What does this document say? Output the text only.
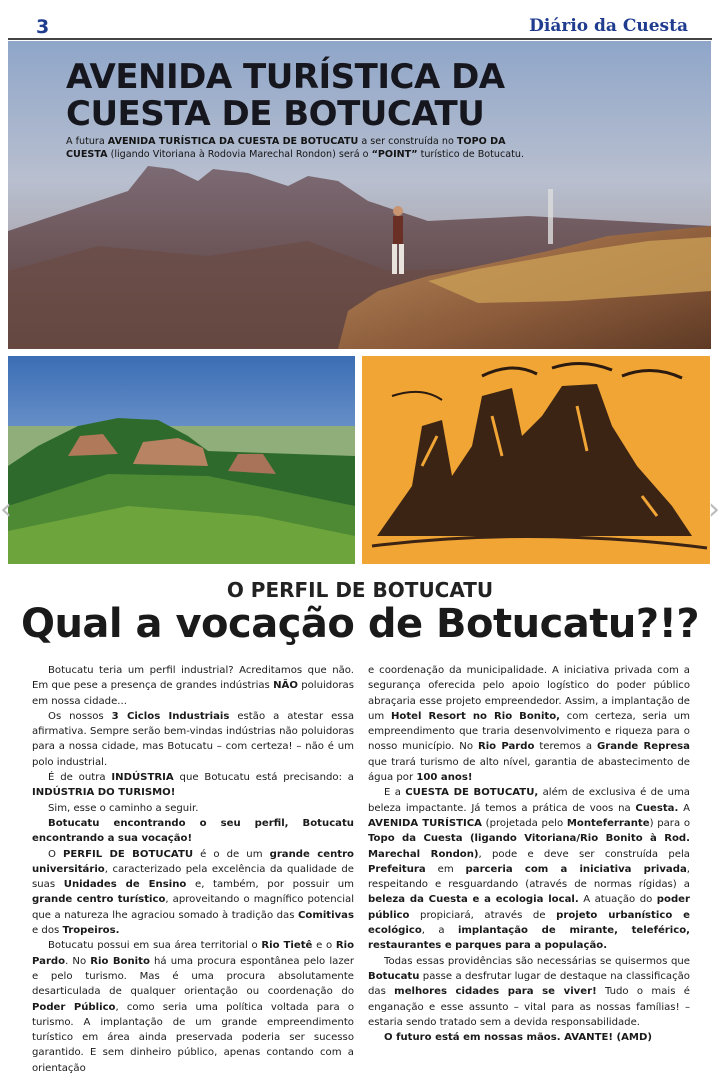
3	Diário da Cuesta
AVENIDA TURÍSTICA DA
CUESTA DE BOTUCATU
A futura AVENIDA TURÍSTICA DA CUESTA DE BOTUCATU a ser construída no TOPO DA CUESTA (ligando Vitoriana à Rodovia Marechal Rondon) será o “POINT” turístico de Botucatu.
‹	›
O PERFIL DE BOTUCATU
Qual a vocação de Botucatu?!?

Botucatu teria um perfil industrial? Acreditamos que não. Em que pese a presença de grandes indústrias NÃO poluidoras em nossa cidade...

Os nossos 3 Ciclos Industriais estão a atestar essa afirmativa. Sempre serão bem-vindas indústrias não poluidoras para a nossa cidade, mas Botucatu – com certeza! – não é um polo industrial.

É de outra INDÚSTRIA que Botucatu está precisando: a INDÚSTRIA DO TURISMO!

Sim, esse o caminho a seguir.

Botucatu encontrando o seu perfil, Botucatu encontrando a sua vocação!

O PERFIL DE BOTUCATU é o de um grande centro universitário, caracterizado pela excelência da qualidade de suas Unidades de Ensino e, também, por possuir um grande centro turístico, aproveitando o magnífico potencial que a natureza lhe agraciou somado à tradição das Comitivas e dos Tropeiros.

Botucatu possui em sua área territorial o Rio Tietê e o Rio Pardo. No Rio Bonito há uma procura espontânea pelo lazer e pelo turismo. Mas é uma procura absolutamente desarticulada de qualquer orientação ou coordenação do Poder Público, como seria uma política voltada para o turismo. A implantação de um grande empreendimento turístico em área ainda preservada poderia ser sucesso garantido. E sem dinheiro público, apenas contando com a orientação

e coordenação da municipalidade. A iniciativa privada com a segurança oferecida pelo apoio logístico do poder público abraçaria esse projeto empreendedor. Assim, a implantação de um Hotel Resort no Rio Bonito, com certeza, seria um empreendimento que traria desenvolvimento e riqueza para o nosso município. No Rio Pardo teremos a Grande Represa que trará turismo de alto nível, garantia de abastecimento de água por 100 anos!

E a CUESTA DE BOTUCATU, além de exclusiva é de uma beleza impactante. Já temos a prática de voos na Cuesta. A AVENIDA TURÍSTICA (projetada pelo Monteferrante) para o Topo da Cuesta (ligando Vitoriana/Rio Bonito à Rod. Marechal Rondon), pode e deve ser construída pela Prefeitura em parceria com a iniciativa privada, respeitando e resguardando (através de normas rígidas) a beleza da Cuesta e a ecologia local. A atuação do poder público propiciará, através de projeto urbanístico e ecológico, a implantação de mirante, teleférico, restaurantes e parques para a população.

Todas essas providências são necessárias se quisermos que Botucatu passe a desfrutar lugar de destaque na classificação das melhores cidades para se viver! Tudo o mais é enganação e esse assunto – vital para as nossas famílias! – estaria sendo tratado sem a devida responsabilidade.

O futuro está em nossas mãos. AVANTE! (AMD)
